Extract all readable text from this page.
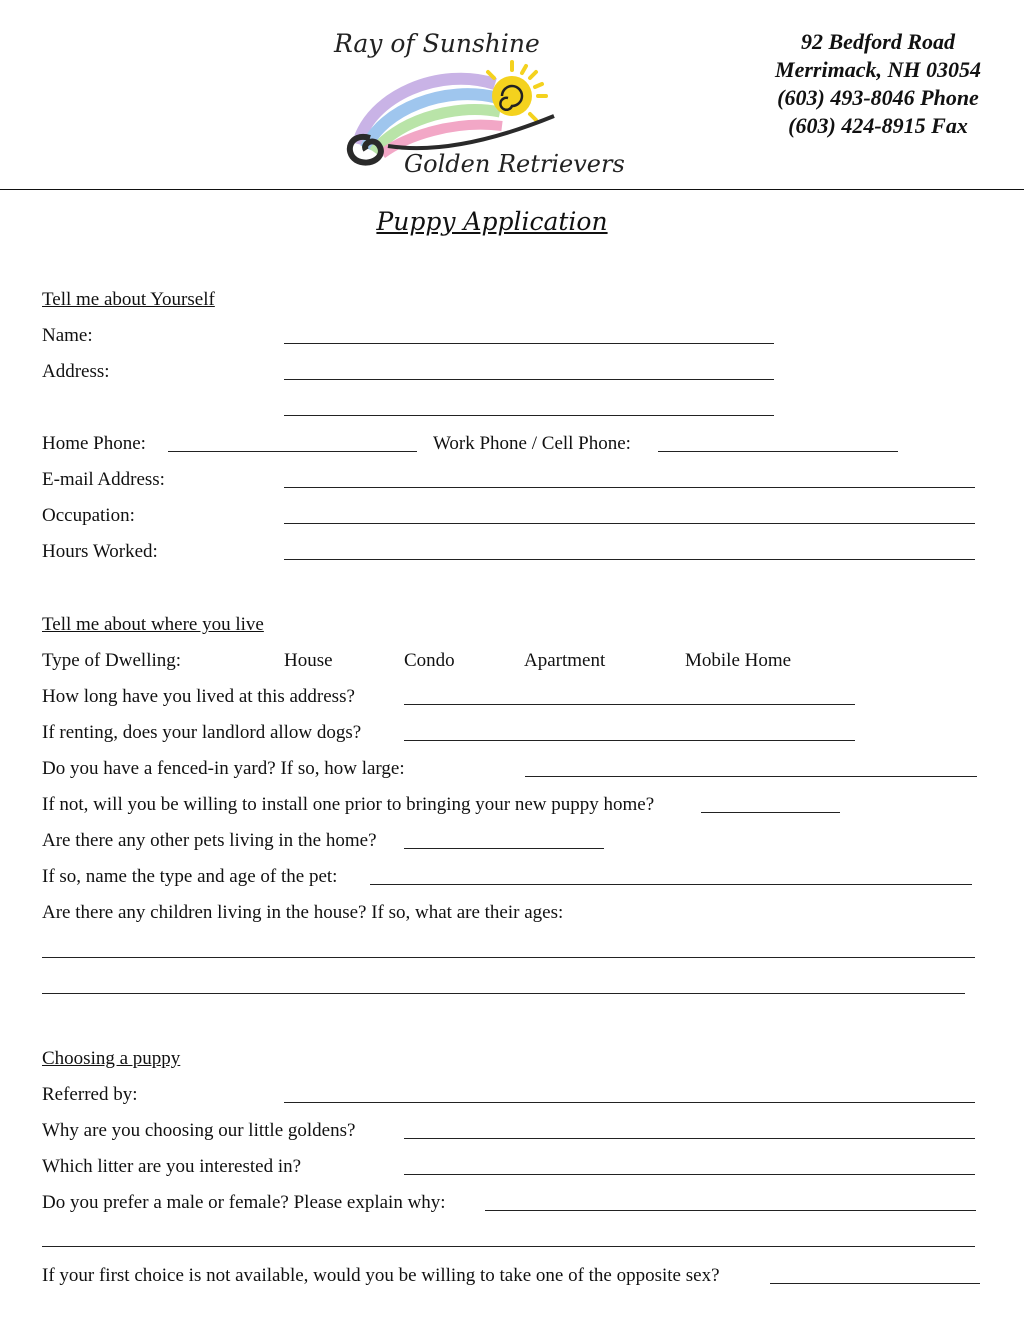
Ray of Sunshine
Golden Retrievers
92 Bedford Road
Merrimack, NH 03054
(603) 493-8046 Phone
(603) 424-8915 Fax
Puppy Application
Tell me about Yourself
Name:
Address:
Home Phone:	Work Phone / Cell Phone:
E-mail Address:
Occupation:
Hours Worked:
Tell me about where you live
Type of Dwelling:	House	Condo	Apartment	Mobile Home
How long have you lived at this address?
If renting, does your landlord allow dogs?
Do you have a fenced-in yard? If so, how large:
If not, will you be willing to install one prior to bringing your new puppy home?
Are there any other pets living in the home?
If so, name the type and age of the pet:
Are there any children living in the house? If so, what are their ages:
Choosing a puppy
Referred by:
Why are you choosing our little goldens?
Which litter are you interested in?
Do you prefer a male or female? Please explain why:
If your first choice is not available, would you be willing to take one of the opposite sex?
